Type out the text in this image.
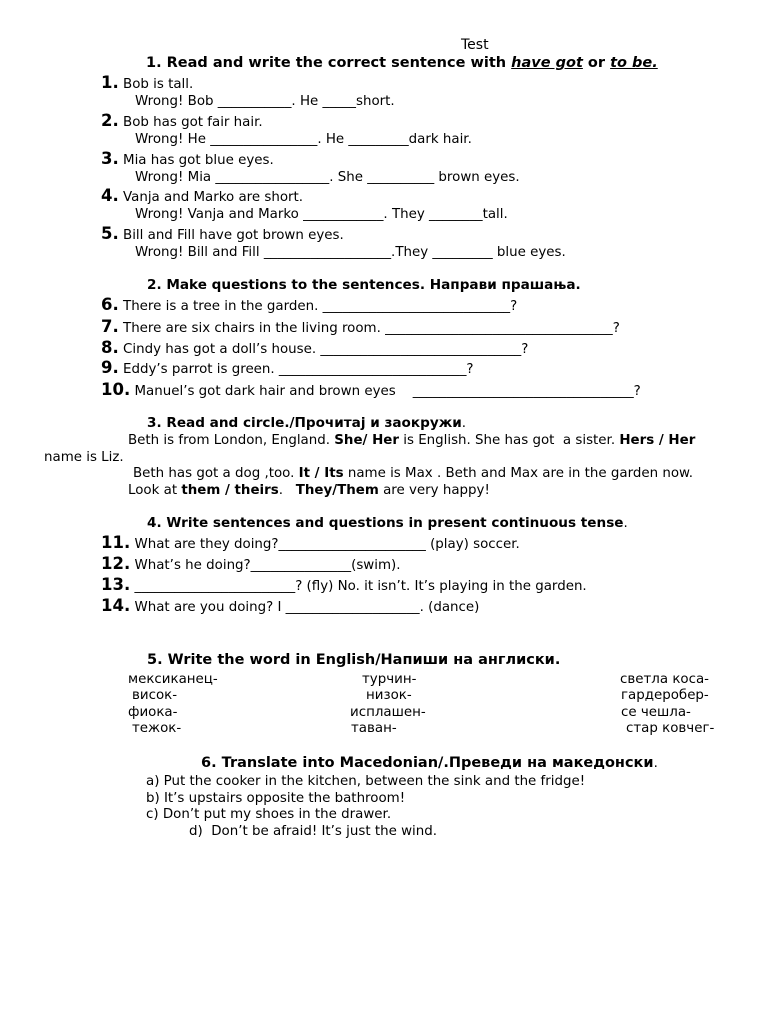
Test
1. Read and write the correct sentence with have got or to be.
1. Bob is tall.
Wrong! Bob ___________. He _____short.
2. Bob has got fair hair.
Wrong! He ________________. He _________dark hair.
3. Mia has got blue eyes.
Wrong! Mia _________________. She __________ brown eyes.
4. Vanja and Marko are short.
Wrong! Vanja and Marko ____________. They ________tall.
5. Bill and Fill have got brown eyes.
Wrong! Bill and Fill ___________________.They _________ blue eyes.
2. Make questions to the sentences. Направи прашања.
6. There is a tree in the garden. ____________________________?
7. There are six chairs in the living room. __________________________________?
8. Cindy has got a doll’s house. ______________________________?
9. Eddy’s parrot is green. ____________________________?
10. Manuel’s got dark hair and brown eyes    _________________________________?
3. Read and circle./Прочитај и заокружи.
Beth is from London, England. She/ Her is English. She has got  a sister. Hers / Her
name is Liz.
Beth has got a dog ,too. It / Its name is Max . Beth and Max are in the garden now.
Look at them / theirs.   They/Them are very happy!
4. Write sentences and questions in present continuous tense.
11. What are they doing?______________________ (play) soccer.
12. What’s he doing?_______________(swim).
13. ________________________? (fly) No. it isn’t. It’s playing in the garden.
14. What are you doing? I ____________________. (dance)
5. Write the word in English/Напиши на англиски.
мексиканец-	турчин-	светла коса-
висок-	низок-	гардеробер-
фиока-	исплашен-	се чешла-
тежок-	таван-	стар ковчег-
6. Translate into Macedonian/.Преведи на македонски.
a) Put the cooker in the kitchen, between the sink and the fridge!
b) It’s upstairs opposite the bathroom!
c) Don’t put my shoes in the drawer.
d)  Don’t be afraid! It’s just the wind.
